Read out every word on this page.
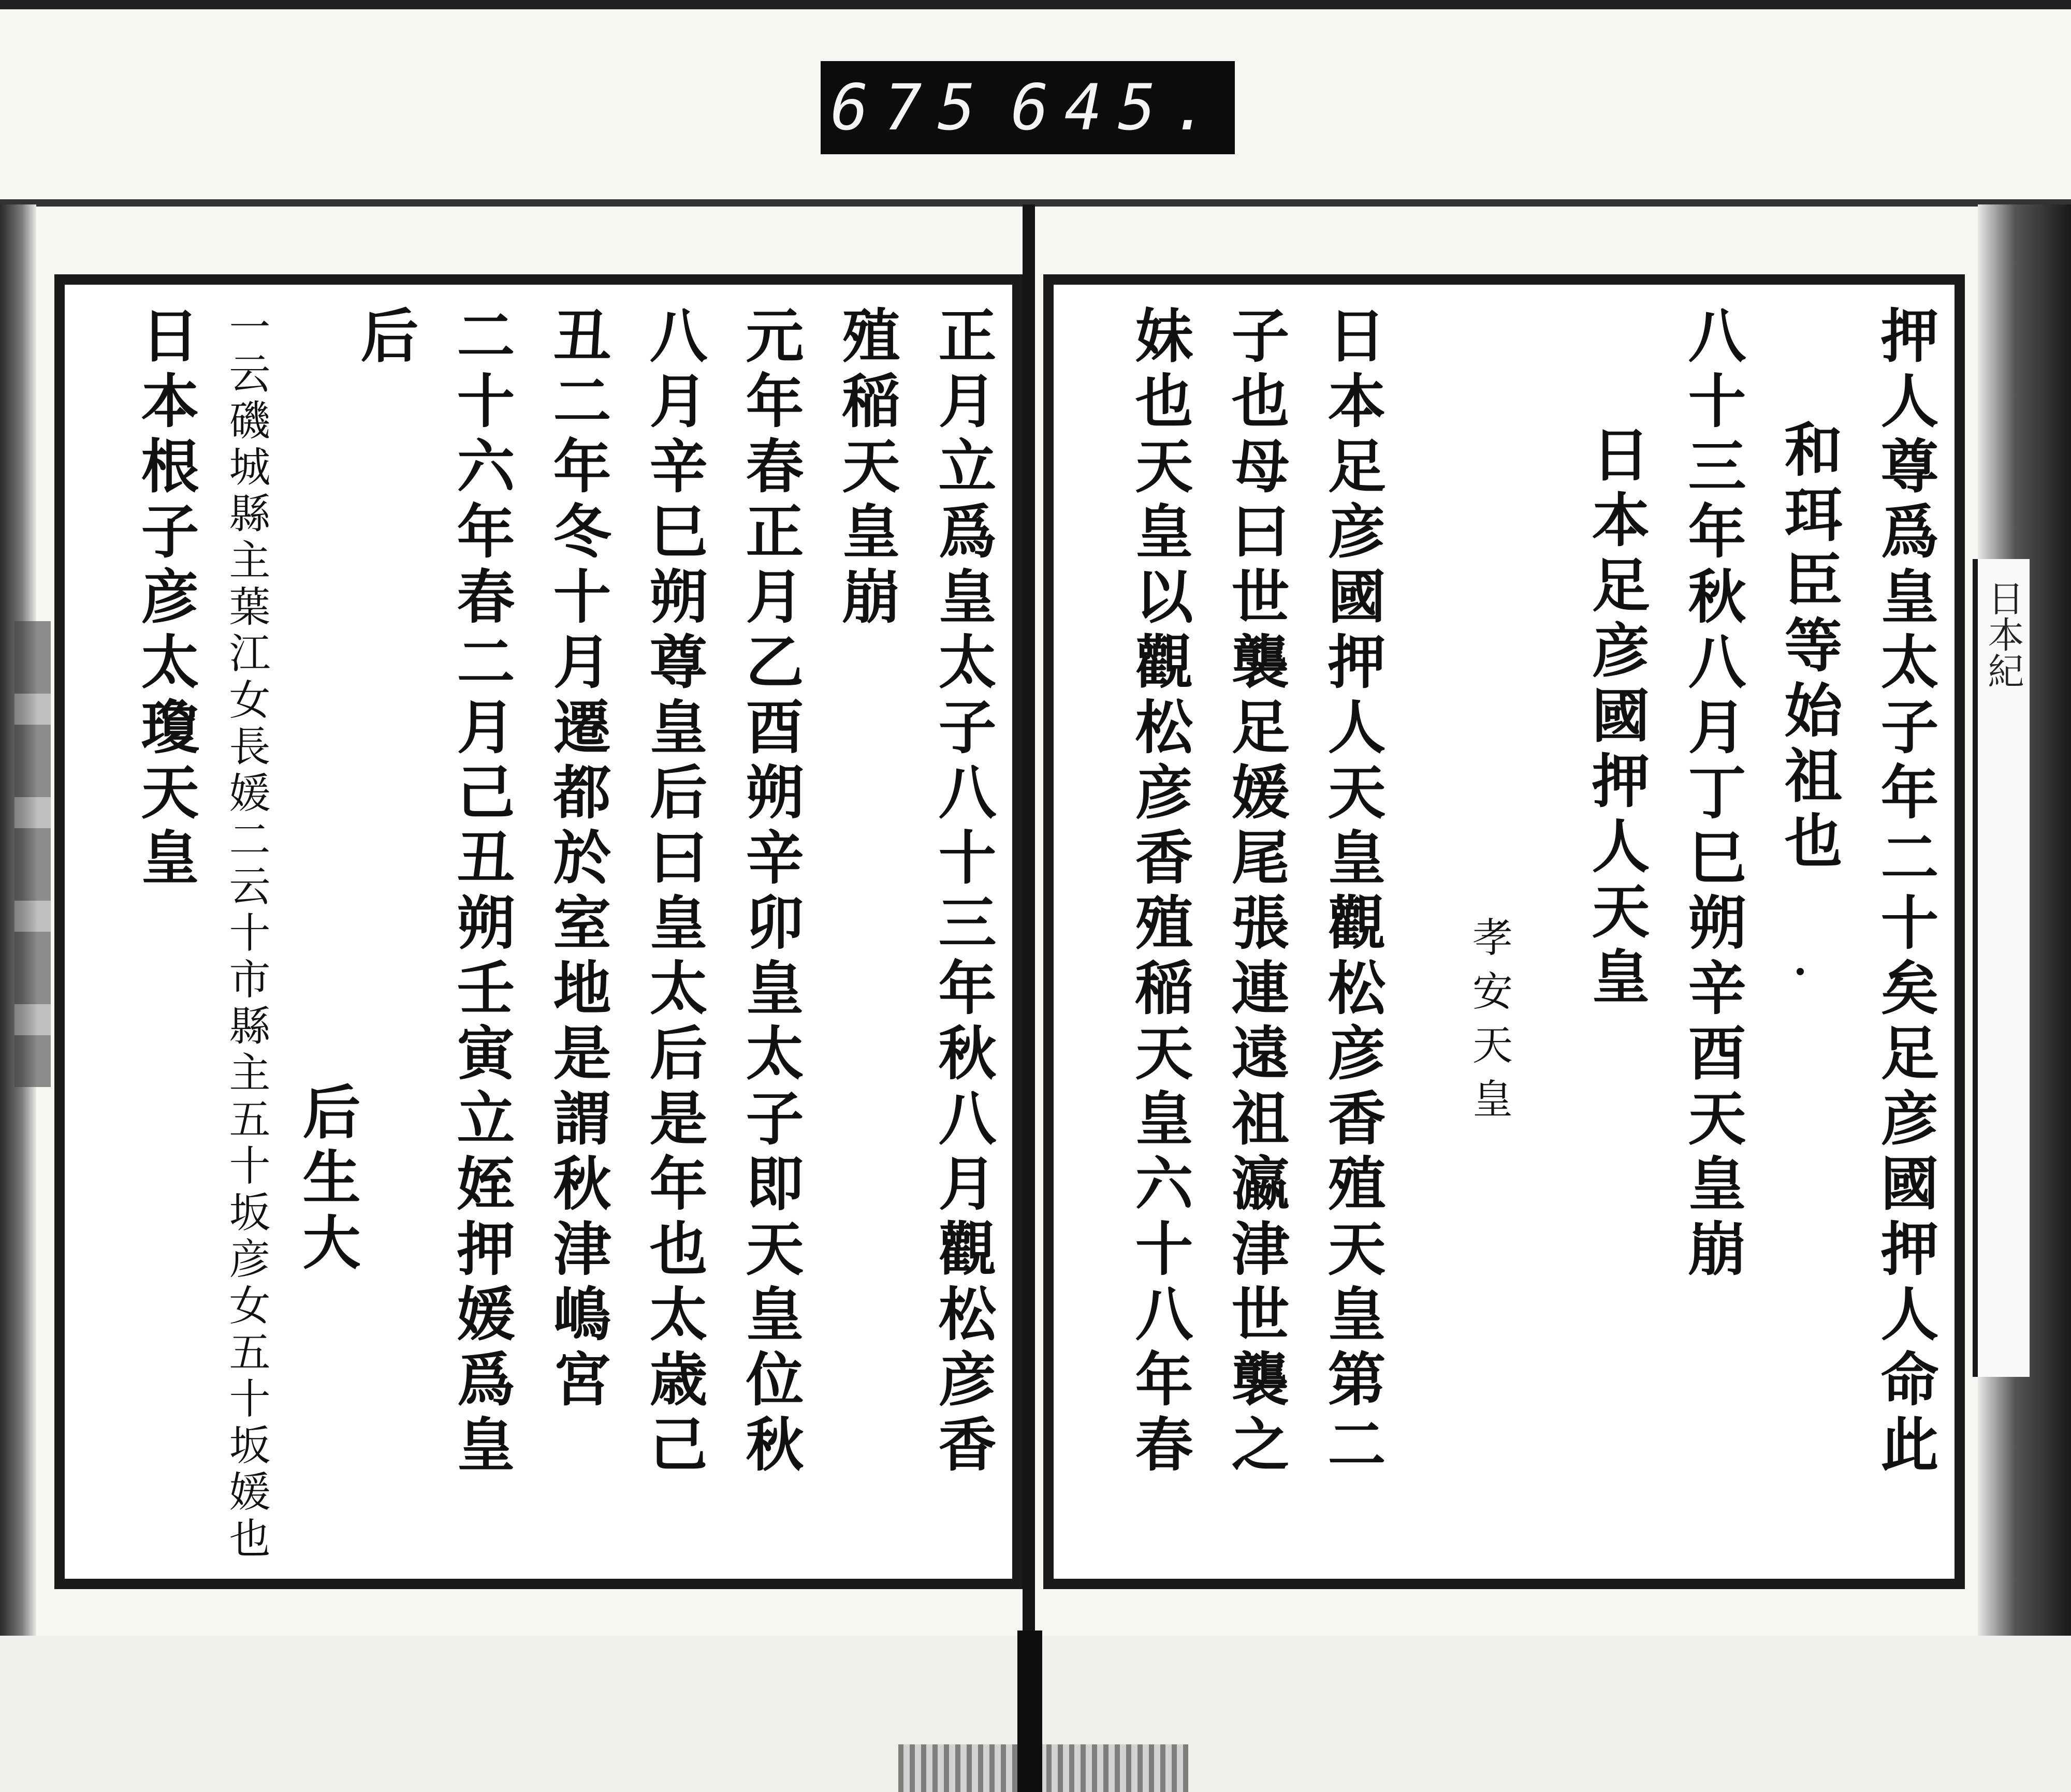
675 645.
押人尊爲皇太子年二十矣足彦國押人命此
和珥臣等始祖也
八十三年秋八月丁巳朔辛酉天皇崩
日本足彦國押人天皇
孝安天皇
日本足彦國押人天皇觀松彦香殖天皇第二
子也母曰世襲足媛尾張連遠祖瀛津世襲之
妹也天皇以觀松彦香殖稲天皇六十八年春	日本紀
正月立爲皇太子八十三年秋八月觀松彦香
殖稲天皇崩
元年春正月乙酉朔辛卯皇太子即天皇位秋
八月辛巳朔尊皇后曰皇太后是年也太歳己
丑二年冬十月遷都於室地是謂秋津嶋宮
二十六年春二月己丑朔壬寅立姪押媛爲皇
后
后生大
一云磯城縣主葉江女長媛二云十市縣主五十坂彦女五十坂媛也
日本根子彦太瓊天皇
